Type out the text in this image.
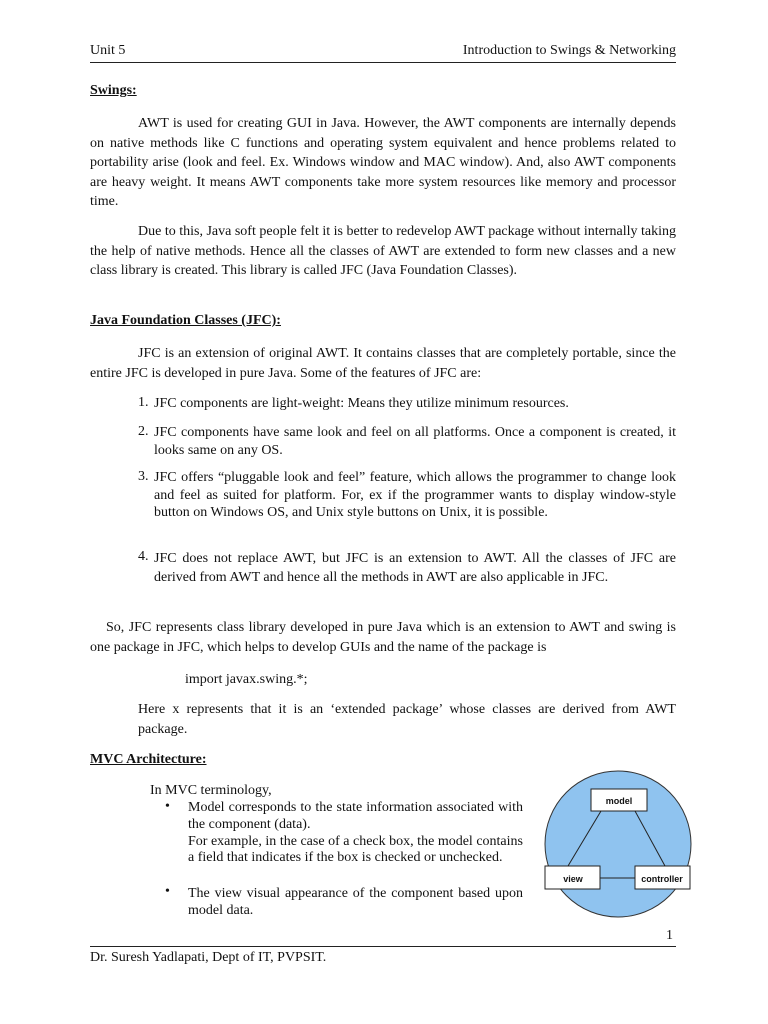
Unit 5	Introduction to Swings & Networking
Swings:

AWT is used for creating GUI in Java. However, the AWT components are internally depends on native methods like C functions and operating system equivalent and hence problems related to portability arise (look and feel. Ex. Windows window and MAC window). And, also AWT components are heavy weight. It means AWT components take more system resources like memory and processor time.

Due to this, Java soft people felt it is better to redevelop AWT package without internally taking the help of native methods. Hence all the classes of AWT are extended to form new classes and a new class library is created. This library is called JFC (Java Foundation Classes).

Java Foundation Classes (JFC):

JFC is an extension of original AWT. It contains classes that are completely portable, since the entire JFC is developed in pure Java. Some of the features of JFC are:

1. JFC components are light-weight: Means they utilize minimum resources.

2. JFC components have same look and feel on all platforms. Once a component is created, it looks same on any OS.

3. JFC offers “pluggable look and feel” feature, which allows the programmer to change look and feel as suited for platform. For, ex if the programmer wants to display window-style button on Windows OS, and Unix style buttons on Unix, it is possible.

4. JFC does not replace AWT, but JFC is an extension to AWT. All the classes of JFC are derived from AWT and hence all the methods in AWT are also applicable in JFC.

So, JFC represents class library developed in pure Java which is an extension to AWT and swing is one package in JFC, which helps to develop GUIs and the name of the package is

import javax.swing.*;

Here x represents that it is an ‘extended package’ whose classes are derived from AWT package.

MVC Architecture:
In MVC terminology,
• Model corresponds to the state information associated with the component (data).
For example, in the case of a check box, the model contains a field that indicates if the box is checked or unchecked.

• The view visual appearance of the component based upon model data.

model
view	controller
1
Dr. Suresh Yadlapati, Dept of IT, PVPSIT.
